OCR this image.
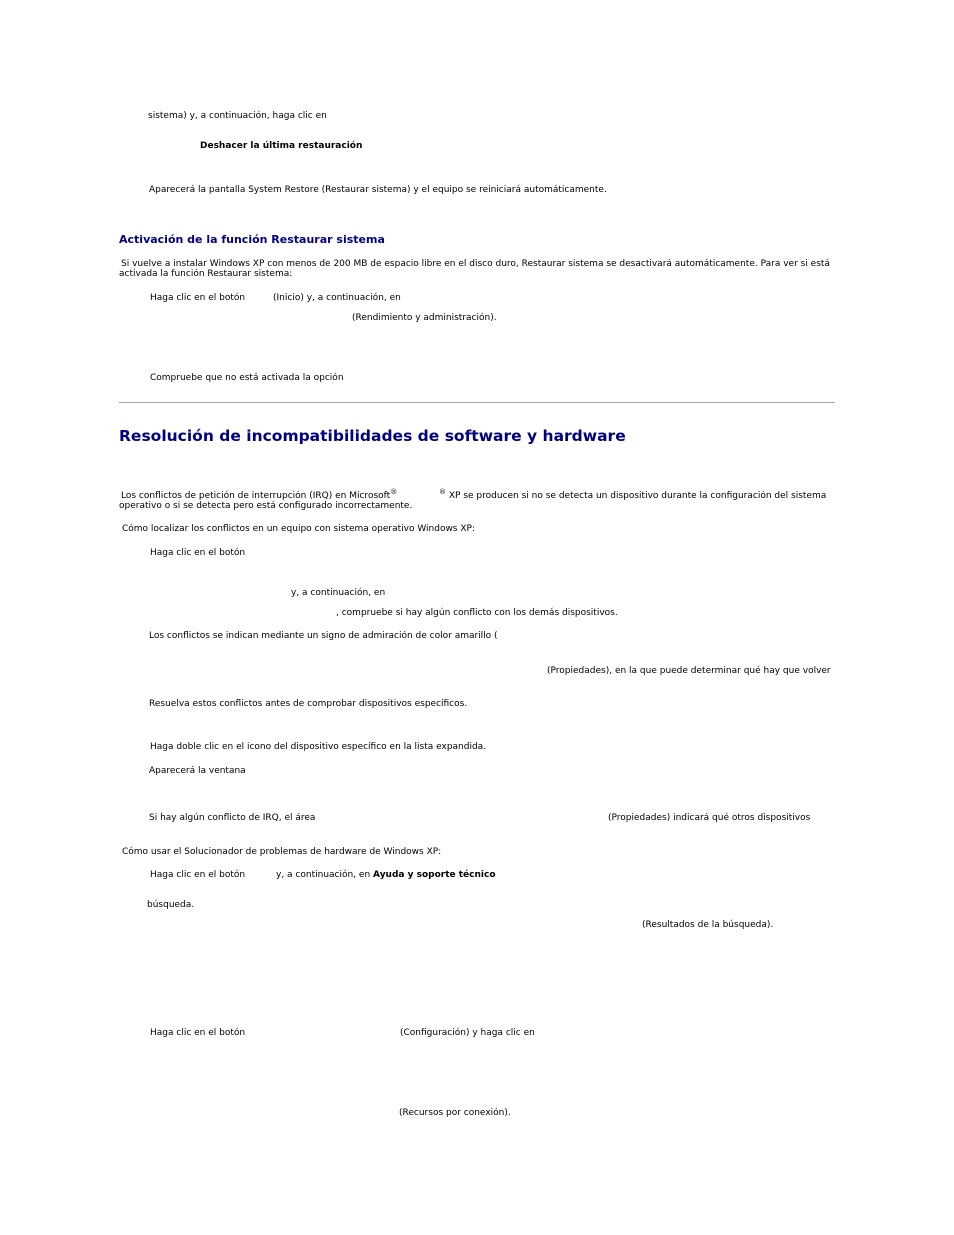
sistema) y, a continuación, haga clic en

Deshacer la última restauración

Aparecerá la pantalla System Restore (Restaurar sistema) y el equipo se reiniciará automáticamente.

Activación de la función Restaurar sistema

Si vuelve a instalar Windows XP con menos de 200 MB de espacio libre en el disco duro, Restaurar sistema se desactivará automáticamente. Para ver si está

activada la función Restaurar sistema:

Haga clic en el botón	(Inicio) y, a continuación, en

(Rendimiento y administración).

Compruebe que no está activada la opción

Resolución de incompatibilidades de software y hardware

Los conflictos de petición de interrupción (IRQ) en Microsoft®	® XP se producen si no se detecta un dispositivo durante la configuración del sistema

operativo o si se detecta pero está configurado incorrectamente.

Cómo localizar los conflictos en un equipo con sistema operativo Windows XP:

Haga clic en el botón

y, a continuación, en

, compruebe si hay algún conflicto con los demás dispositivos.

Los conflictos se indican mediante un signo de admiración de color amarillo (

(Propiedades), en la que puede determinar qué hay que volver

Resuelva estos conflictos antes de comprobar dispositivos específicos.

Haga doble clic en el icono del dispositivo específico en la lista expandida.

Aparecerá la ventana

Si hay algún conflicto de IRQ, el área	(Propiedades) indicará qué otros dispositivos

Cómo usar el Solucionador de problemas de hardware de Windows XP:

Haga clic en el botón	y, a continuación, en Ayuda y soporte técnico

búsqueda.

(Resultados de la búsqueda).

Haga clic en el botón	(Configuración) y haga clic en

(Recursos por conexión).
